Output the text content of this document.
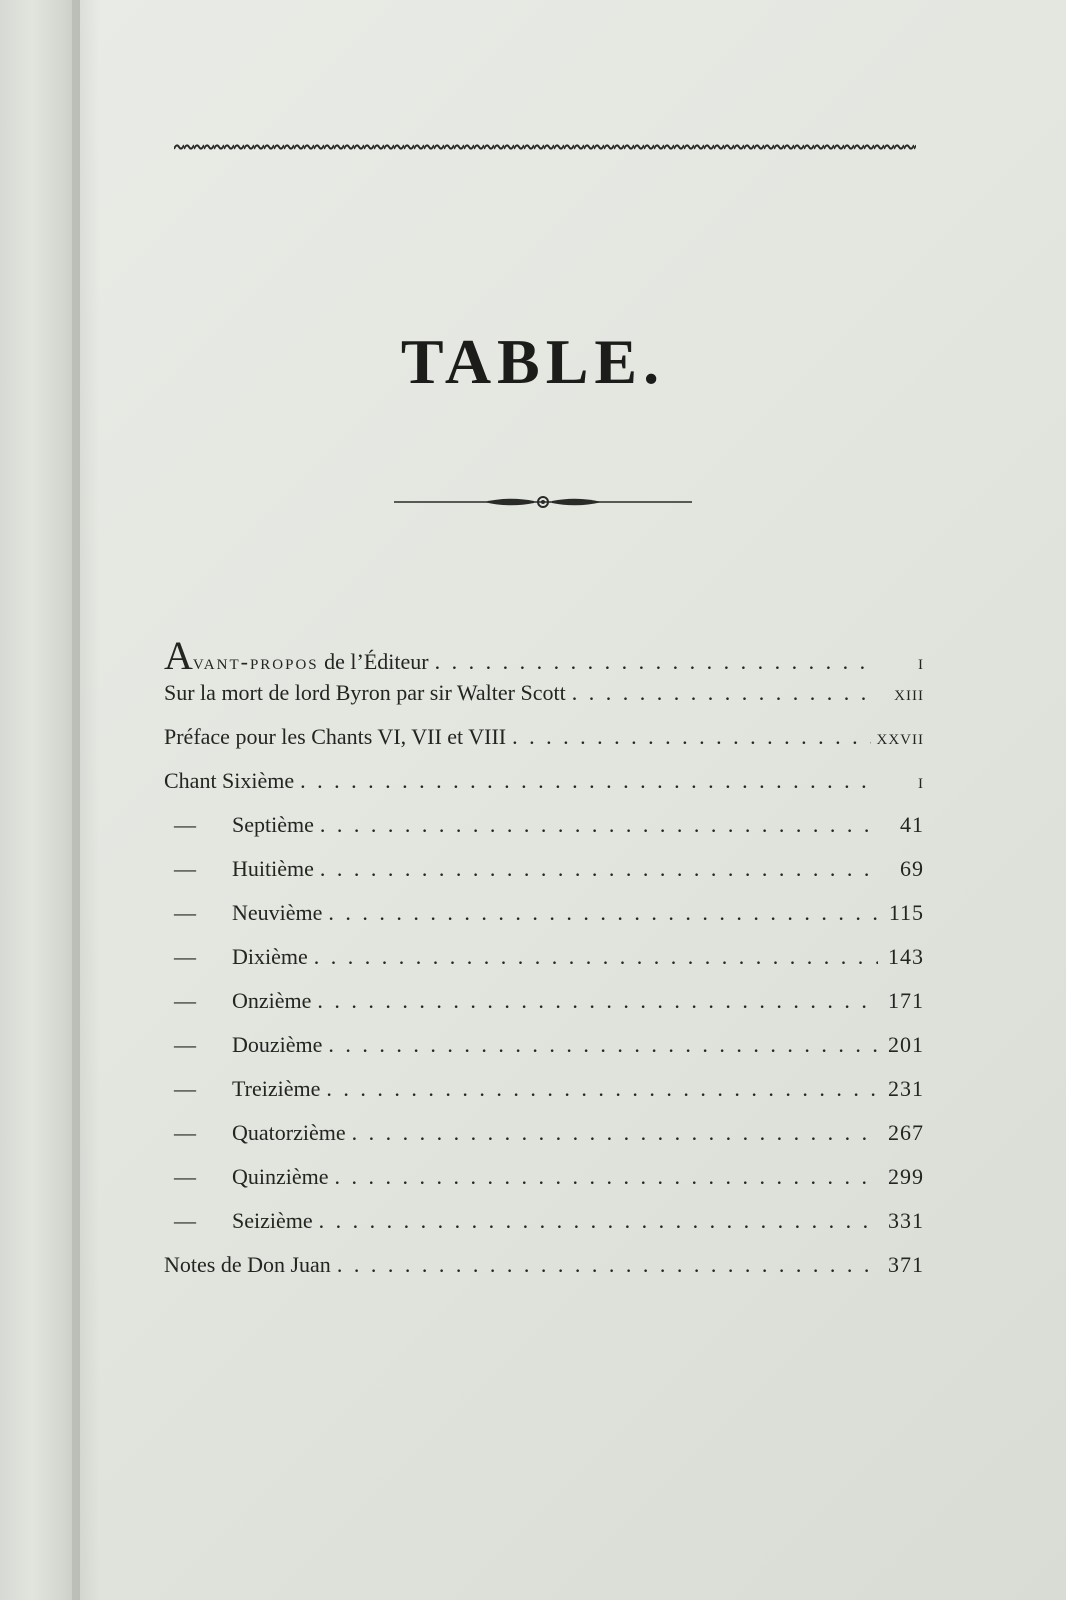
TABLE.
Avant-propos de l’Éditeur . . .	i
Sur la mort de lord Byron par sir Walter Scott . . .	xiii
Préface pour les Chants VI, VII et VIII . . .	xxvii
Chant Sixième . . .	i
—	Septième . . .	41
—	Huitième . . .	69
—	Neuvième . . .	115
—	Dixième . . .	143
—	Onzième . . .	171
—	Douzième . . .	201
—	Treizième . . .	231
—	Quatorzième . . .	267
—	Quinzième . . .	299
—	Seizième . . .	331
Notes de Don Juan . . .	371
